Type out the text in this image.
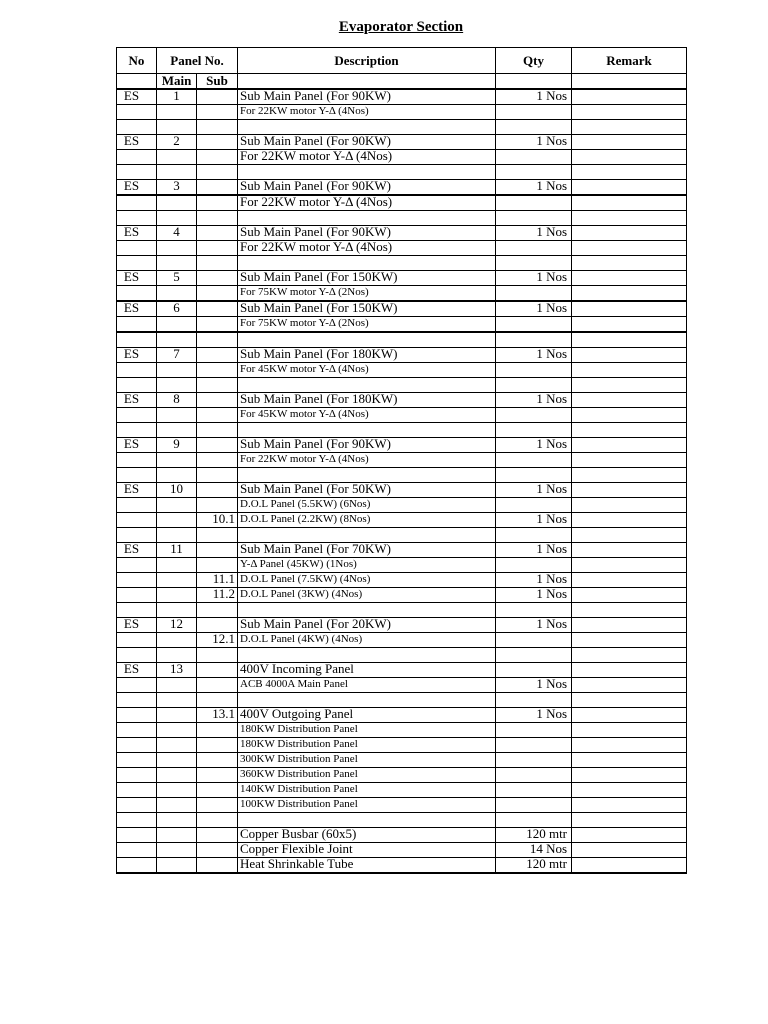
Evaporator Section
No	Panel No.		Description	Qty	Remark
	Main	Sub			
ES	1		Sub Main Panel (For 90KW)	1 Nos	
			For 22KW motor Y-Δ (4Nos)		

ES	2		Sub Main Panel (For 90KW)	1 Nos	
			For 22KW motor Y-Δ (4Nos)		

ES	3		Sub Main Panel (For 90KW)	1 Nos	
			For 22KW motor Y-Δ (4Nos)		

ES	4		Sub Main Panel (For 90KW)	1 Nos	
			For 22KW motor Y-Δ (4Nos)		

ES	5		Sub Main Panel (For 150KW)	1 Nos	
			For 75KW motor Y-Δ (2Nos)		
ES	6		Sub Main Panel (For 150KW)	1 Nos	
			For 75KW motor Y-Δ (2Nos)		

ES	7		Sub Main Panel (For 180KW)	1 Nos	
			For 45KW motor Y-Δ (4Nos)		

ES	8		Sub Main Panel (For 180KW)	1 Nos	
			For 45KW motor Y-Δ (4Nos)		

ES	9		Sub Main Panel (For 90KW)	1 Nos	
			For 22KW motor Y-Δ (4Nos)		

ES	10		Sub Main Panel (For 50KW)	1 Nos	
			D.O.L Panel (5.5KW) (6Nos)		
		10.1	D.O.L Panel (2.2KW) (8Nos)	1 Nos	

ES	11		Sub Main Panel (For 70KW)	1 Nos	
			Y-Δ Panel (45KW) (1Nos)		
		11.1	D.O.L Panel (7.5KW) (4Nos)	1 Nos	
		11.2	D.O.L Panel (3KW) (4Nos)	1 Nos	

ES	12		Sub Main Panel (For 20KW)	1 Nos	
		12.1	D.O.L Panel (4KW) (4Nos)		

ES	13		400V Incoming Panel		
			ACB 4000A Main Panel	1 Nos	

		13.1	400V Outgoing Panel	1 Nos	
			180KW Distribution Panel		
			180KW Distribution Panel		
			300KW Distribution Panel		
			360KW Distribution Panel		
			140KW Distribution Panel		
			100KW Distribution Panel		

			Copper Busbar (60x5)	120 mtr	
			Copper Flexible Joint	14 Nos	
			Heat Shrinkable Tube	120 mtr	
